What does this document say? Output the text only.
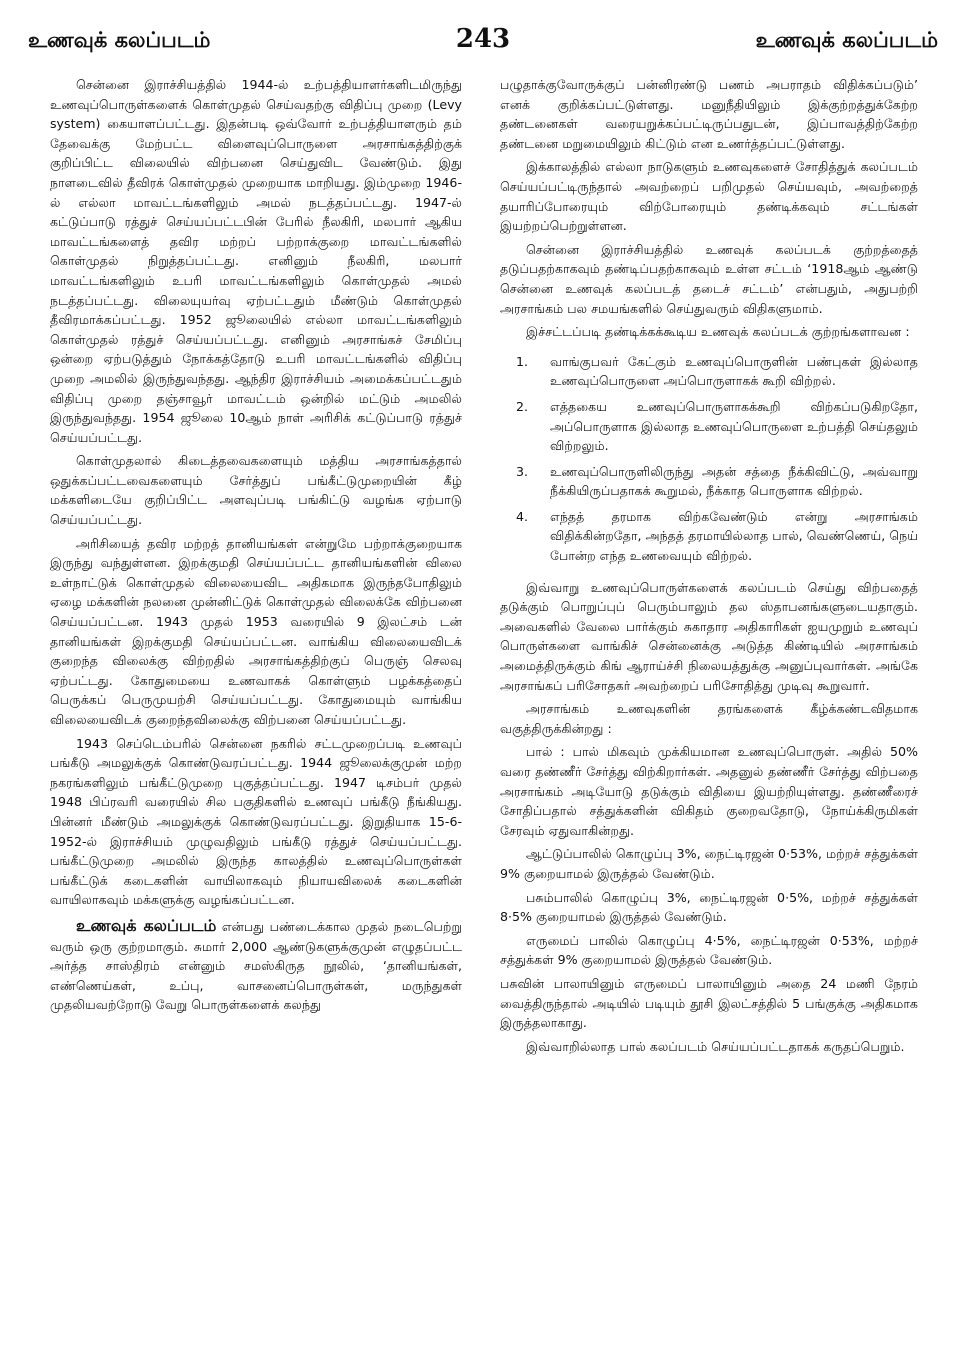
உணவுக் கலப்படம்	243	உணவுக் கலப்படம்

சென்னை இராச்சியத்தில் 1944-ல் உற்பத்தியாளர்களிடமிருந்து உணவுப்பொருள்களைக் கொள்முதல் செய்வதற்கு விதிப்பு முறை (Levy system) கையாளப்பட்டது. இதன்படி ஒவ்வோர் உற்பத்தியாளரும் தம் தேவைக்கு மேற்பட்ட விளைவுப்பொருளை அரசாங்கத்திற்குக் குறிப்பிட்ட விலையில் விற்பனை செய்துவிட வேண்டும். இது நாளடைவில் தீவிரக் கொள்முதல் முறையாக மாறியது. இம்முறை 1946-ல் எல்லா மாவட்டங்களிலும் அமல் நடத்தப்பட்டது. 1947-ல் கட்டுப்பாடு ரத்துச் செய்யப்பட்டபின் பேரில் நீலகிரி, மலபார் ஆகிய மாவட்டங்களைத் தவிர மற்றப் பற்றாக்குறை மாவட்டங்களில் கொள்முதல் நிறுத்தப்பட்டது. எனினும் நீலகிரி, மலபார் மாவட்டங்களிலும் உபரி மாவட்டங்களிலும் கொள்முதல் அமல் நடத்தப்பட்டது. விலையுயர்வு ஏற்பட்டதும் மீண்டும் கொள்முதல் தீவிரமாக்கப்பட்டது. 1952 ஜூலையில் எல்லா மாவட்டங்களிலும் கொள்முதல் ரத்துச் செய்யப்பட்டது. எனினும் அரசாங்கச் சேமிப்பு ஒன்றை ஏற்படுத்தும் நோக்கத்தோடு உபரி மாவட்டங்களில் விதிப்பு முறை அமலில் இருந்துவந்தது. ஆந்திர இராச்சியம் அமைக்கப்பட்டதும் விதிப்பு முறை தஞ்சாவூர் மாவட்டம் ஒன்றில் மட்டும் அமலில் இருந்துவந்தது. 1954 ஜூலை 10ஆம் நாள் அரிசிக் கட்டுப்பாடு ரத்துச் செய்யப்பட்டது.

கொள்முதலால் கிடைத்தவைகளையும் மத்திய அரசாங்கத்தால் ஒதுக்கப்பட்டவைகளையும் சேர்த்துப் பங்கீட்டுமுறையின் கீழ் மக்களிடையே குறிப்பிட்ட அளவுப்படி பங்கிட்டு வழங்க ஏற்பாடு செய்யப்பட்டது.

அரிசியைத் தவிர மற்றத் தானியங்கள் என்றுமே பற்றாக்குறையாக இருந்து வந்துள்ளன. இறக்குமதி செய்யப்பட்ட தானியங்களின் விலை உள்நாட்டுக் கொள்முதல் விலையைவிட அதிகமாக இருந்தபோதிலும் ஏழை மக்களின் நலனை முன்னிட்டுக் கொள்முதல் விலைக்கே விற்பனை செய்யப்பட்டன. 1943 முதல் 1953 வரையில் 9 இலட்சம் டன் தானியங்கள் இறக்குமதி செய்யப்பட்டன. வாங்கிய விலையைவிடக் குறைந்த விலைக்கு விற்றதில் அரசாங்கத்திற்குப் பெருஞ் செலவு ஏற்பட்டது. கோதுமையை உணவாகக் கொள்ளும் பழக்கத்தைப் பெருக்கப் பெருமுயற்சி செய்யப்பட்டது. கோதுமையும் வாங்கிய விலையைவிடக் குறைந்தவிலைக்கு விற்பனை செய்யப்பட்டது.

1943 செப்டெம்பரில் சென்னை நகரில் சட்டமுறைப்படி உணவுப் பங்கீடு அமலுக்குக் கொண்டுவரப்பட்டது. 1944 ஜூலைக்குமுன் மற்ற நகரங்களிலும் பங்கீட்டுமுறை புகுத்தப்பட்டது. 1947 டிசம்பர் முதல் 1948 பிப்ரவரி வரையில் சில பகுதிகளில் உணவுப் பங்கீடு நீங்கியது. பின்னர் மீண்டும் அமலுக்குக் கொண்டுவரப்பட்டது. இறுதியாக 15-6-1952-ல் இராச்சியம் முழுவதிலும் பங்கீடு ரத்துச் செய்யப்பட்டது. பங்கீட்டுமுறை அமலில் இருந்த காலத்தில் உணவுப்பொருள்கள் பங்கீட்டுக் கடைகளின் வாயிலாகவும் நியாயவிலைக் கடைகளின் வாயிலாகவும் மக்களுக்கு வழங்கப்பட்டன.

உணவுக் கலப்படம் என்பது பண்டைக்கால முதல் நடைபெற்று வரும் ஒரு குற்றமாகும். சுமார் 2,000 ஆண்டுகளுக்குமுன் எழுதப்பட்ட அர்த்த சாஸ்திரம் என்னும் சமஸ்கிருத நூலில், ‘தானியங்கள், எண்ணெய்கள், உப்பு, வாசனைப்பொருள்கள், மருந்துகள் முதலியவற்றோடு வேறு பொருள்களைக் கலந்து

பழுதாக்குவோருக்குப் பன்னிரண்டு பணம் அபராதம் விதிக்கப்படும்’ எனக் குறிக்கப்பட்டுள்ளது. மனுநீதியிலும் இக்குற்றத்துக்கேற்ற தண்டனைகள் வரையறுக்கப்பட்டிருப்பதுடன், இப்பாவத்திற்கேற்ற தண்டனை மறுமையிலும் கிட்டும் என உணர்த்தப்பட்டுள்ளது.

இக்காலத்தில் எல்லா நாடுகளும் உணவுகளைச் சோதித்துக் கலப்படம் செய்யப்பட்டிருந்தால் அவற்றைப் பறிமுதல் செய்யவும், அவற்றைத் தயாரிப்போரையும் விற்போரையும் தண்டிக்கவும் சட்டங்கள் இயற்றப்பெற்றுள்ளன.

சென்னை இராச்சியத்தில் உணவுக் கலப்படக் குற்றத்தைத் தடுப்பதற்காகவும் தண்டிப்பதற்காகவும் உள்ள சட்டம் ‘1918ஆம் ஆண்டு சென்னை உணவுக் கலப்படத் தடைச் சட்டம்’ என்பதும், அதுபற்றி அரசாங்கம் பல சமயங்களில் செய்துவரும் விதிகளுமாம்.

இச்சட்டப்படி தண்டிக்கக்கூடிய உணவுக் கலப்படக் குற்றங்களாவன :

1. வாங்குபவர் கேட்கும் உணவுப்பொருளின் பண்புகள் இல்லாத உணவுப்பொருளை அப்பொருளாகக் கூறி விற்றல்.
2. எத்தகைய உணவுப்பொருளாகக்கூறி விற்கப்படுகிறதோ, அப்பொருளாக இல்லாத உணவுப்பொருளை உற்பத்தி செய்தலும் விற்றலும்.
3. உணவுப்பொருளிலிருந்து அதன் சத்தை நீக்கிவிட்டு, அவ்வாறு நீக்கியிருப்பதாகக் கூறுமல், நீக்காத பொருளாக விற்றல்.
4. எந்தத் தரமாக விற்கவேண்டும் என்று அரசாங்கம் விதிக்கின்றதோ, அந்தத் தரமாயில்லாத பால், வெண்ணெய், நெய் போன்ற எந்த உணவையும் விற்றல்.

இவ்வாறு உணவுப்பொருள்களைக் கலப்படம் செய்து விற்பதைத் தடுக்கும் பொறுப்புப் பெரும்பாலும் தல ஸ்தாபனங்களுடையதாகும். அவைகளில் வேலை பார்க்கும் சுகாதார அதிகாரிகள் ஐயமுறும் உணவுப் பொருள்களை வாங்கிச் சென்னைக்கு அடுத்த கிண்டியில் அரசாங்கம் அமைத்திருக்கும் கிங் ஆராய்ச்சி நிலையத்துக்கு அனுப்புவார்கள். அங்கே அரசாங்கப் பரிசோதகர் அவற்றைப் பரிசோதித்து முடிவு கூறுவார்.

அரசாங்கம் உணவுகளின் தரங்களைக் கீழ்க்கண்டவிதமாக வகுத்திருக்கின்றது :

பால் : பால் மிகவும் முக்கியமான உணவுப்பொருள். அதில் 50% வரை தண்ணீர் சேர்த்து விற்கிறார்கள். அதனுல் தண்ணீர் சேர்த்து விற்பதை அரசாங்கம் அடியோடு தடுக்கும் விதியை இயற்றியுள்ளது. தண்ணீரைச் சோதிப்பதால் சத்துக்களின் விகிதம் குறைவதோடு, நோய்க்கிருமிகள் சேரவும் ஏதுவாகின்றது.

ஆட்டுப்பாலில் கொழுப்பு 3%, நைட்டிரஜன் 0·53%, மற்றச் சத்துக்கள் 9% குறையாமல் இருத்தல் வேண்டும்.

பசும்பாலில் கொழுப்பு 3%, நைட்டிரஜன் 0·5%, மற்றச் சத்துக்கள் 8·5% குறையாமல் இருத்தல் வேண்டும்.

எருமைப் பாலில் கொழுப்பு 4·5%, நைட்டிரஜன் 0·53%, மற்றச் சத்துக்கள் 9% குறையாமல் இருத்தல் வேண்டும்.

பசுவின் பாலாயினும் எருமைப் பாலாயினும் அதை 24 மணி நேரம் வைத்திருந்தால் அடியில் படியும் தூசி இலட்சத்தில் 5 பங்குக்கு அதிகமாக இருத்தலாகாது.

இவ்வாறில்லாத பால் கலப்படம் செய்யப்பட்டதாகக் கருதப்பெறும்.
